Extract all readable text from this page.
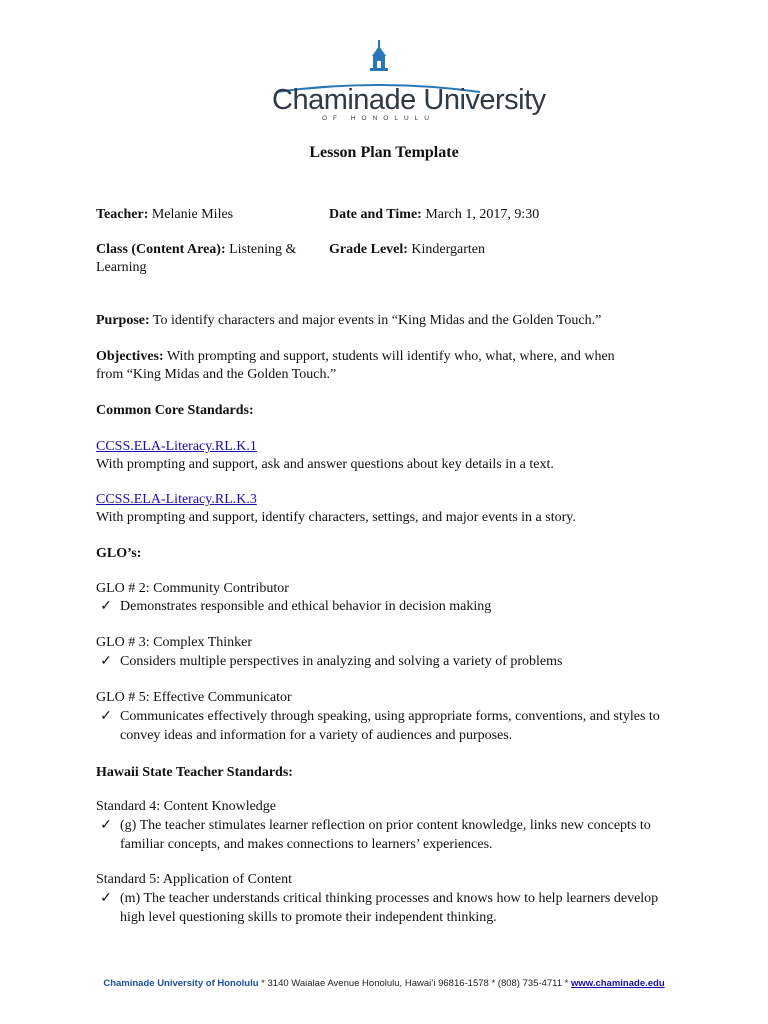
Chaminade University
OF HONOLULU
Lesson Plan Template
Teacher: Melanie Miles	Date and Time: March 1, 2017, 9:30
Class (Content Area): Listening &
Learning
Grade Level: Kindergarten
Purpose: To identify characters and major events in “King Midas and the Golden Touch.”
Objectives: With prompting and support, students will identify who, what, where, and when
from “King Midas and the Golden Touch.”
Common Core Standards:
CCSS.ELA-Literacy.RL.K.1
With prompting and support, ask and answer questions about key details in a text.
CCSS.ELA-Literacy.RL.K.3
With prompting and support, identify characters, settings, and major events in a story.
GLO’s:
GLO # 2: Community Contributor
✓ Demonstrates responsible and ethical behavior in decision making
GLO # 3: Complex Thinker
✓ Considers multiple perspectives in analyzing and solving a variety of problems
GLO # 5: Effective Communicator
✓ Communicates effectively through speaking, using appropriate forms, conventions, and styles to convey ideas and information for a variety of audiences and purposes.
Hawaii State Teacher Standards:
Standard 4: Content Knowledge
✓ (g) The teacher stimulates learner reflection on prior content knowledge, links new concepts to familiar concepts, and makes connections to learners’ experiences.
Standard 5: Application of Content
✓ (m) The teacher understands critical thinking processes and knows how to help learners develop high level questioning skills to promote their independent thinking.
Chaminade University of Honolulu * 3140 Waialae Avenue Honolulu, Hawai’i 96816-1578 * (808) 735-4711 * www.chaminade.edu
